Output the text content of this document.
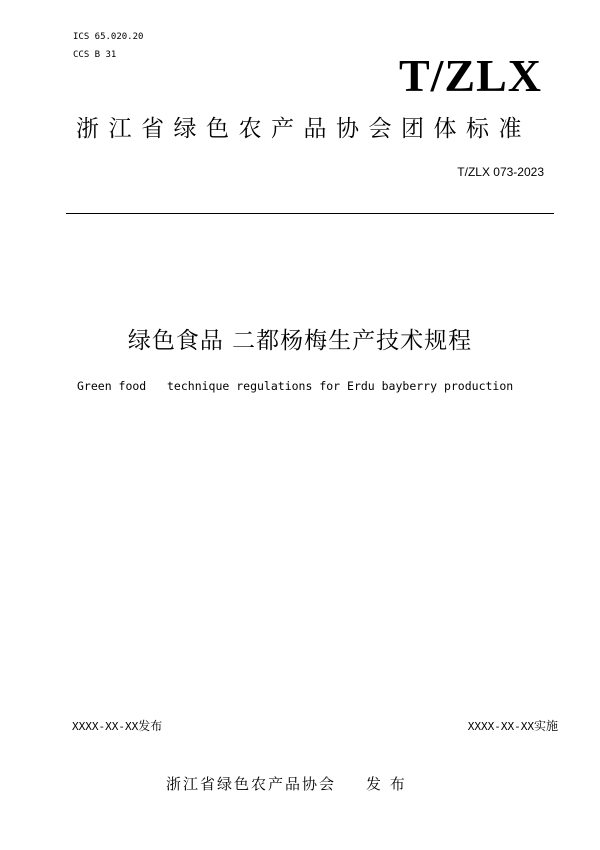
ICS 65.020.20
CCS B 31	T/ZLX
浙江省绿色农产品协会团体标准
T/ZLX 073-2023
绿色食品 二都杨梅生产技术规程
Green food   technique regulations for Erdu bayberry production
XXXX-XX-XX发布	XXXX-XX-XX实施
浙江省绿色农产品协会 发 布
